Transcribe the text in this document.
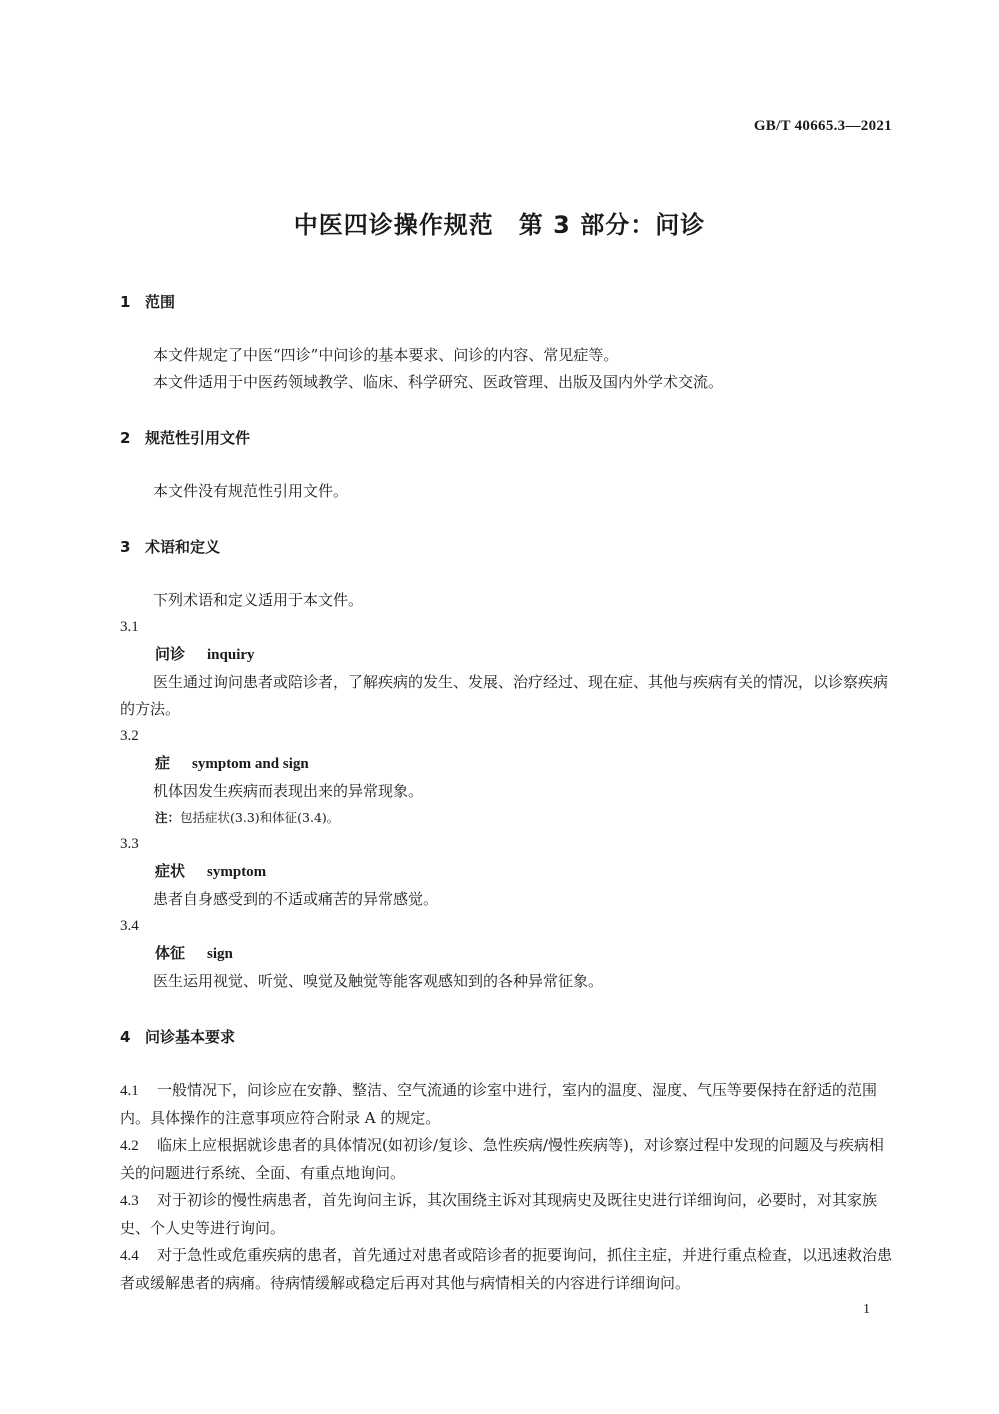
GB/T 40665.3—2021
中医四诊操作规范　第 3 部分：问诊
1 范围

本文件规定了中医“四诊”中问诊的基本要求、问诊的内容、常见症等。

本文件适用于中医药领域教学、临床、科学研究、医政管理、出版及国内外学术交流。

2 规范性引用文件

本文件没有规范性引用文件。

3 术语和定义

下列术语和定义适用于本文件。

3.1
问诊 inquiry

医生通过询问患者或陪诊者，了解疾病的发生、发展、治疗经过、现在症、其他与疾病有关的情况，以诊察疾病的方法。

3.2
症 symptom and sign

机体因发生疾病而表现出来的异常现象。

注：包括症状(3.3)和体征(3.4)。
3.3
症状 symptom

患者自身感受到的不适或痛苦的异常感觉。

3.4
体征 sign

医生运用视觉、听觉、嗅觉及触觉等能客观感知到的各种异常征象。

4 问诊基本要求

4.1 一般情况下，问诊应在安静、整洁、空气流通的诊室中进行，室内的温度、湿度、气压等要保持在舒适的范围内。具体操作的注意事项应符合附录 A 的规定。

4.2 临床上应根据就诊患者的具体情况(如初诊/复诊、急性疾病/慢性疾病等)，对诊察过程中发现的问题及与疾病相关的问题进行系统、全面、有重点地询问。

4.3 对于初诊的慢性病患者，首先询问主诉，其次围绕主诉对其现病史及既往史进行详细询问，必要时，对其家族史、个人史等进行询问。

4.4 对于急性或危重疾病的患者，首先通过对患者或陪诊者的扼要询问，抓住主症，并进行重点检查，以迅速救治患者或缓解患者的病痛。待病情缓解或稳定后再对其他与病情相关的内容进行详细询问。

1
